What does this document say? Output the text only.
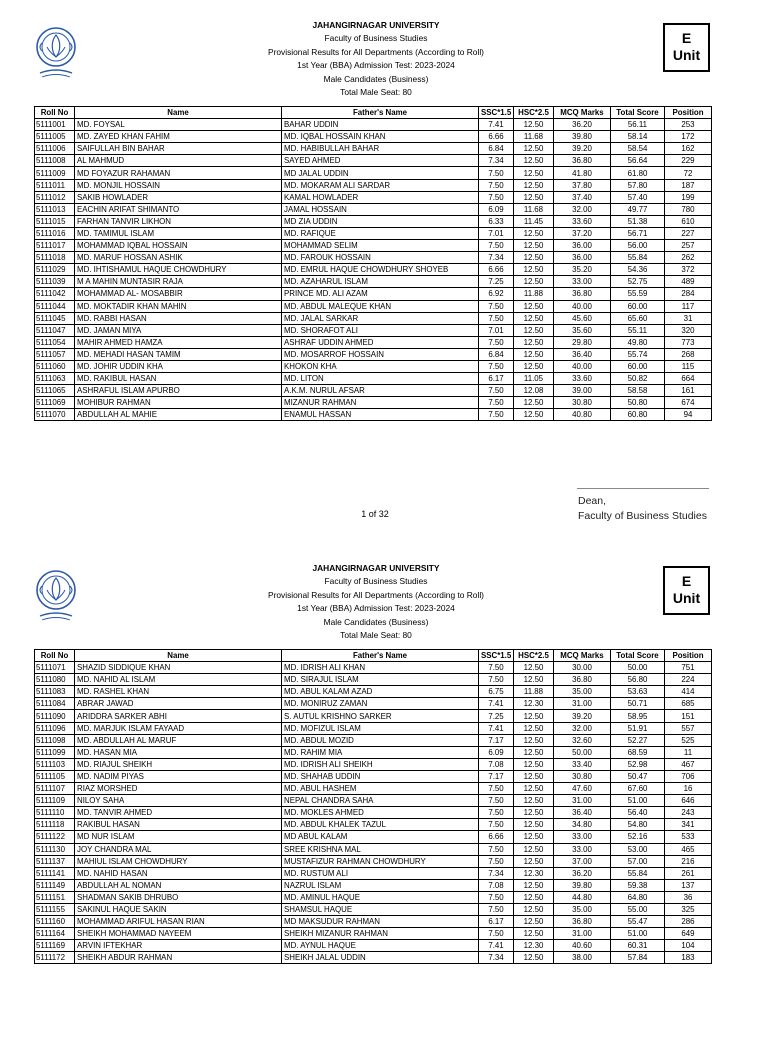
JAHANGIRNAGAR UNIVERSITY
Faculty of Business Studies
Provisional Results for All Departments (According to Roll)
1st Year (BBA) Admission Test: 2023-2024
Male Candidates (Business)
Total Male Seat: 80
E
Unit
Roll No	Name	Father's Name	SSC*1.5	HSC*2.5	MCQ Marks	Total Score	Position
5111001	MD. FOYSAL	BAHAR UDDIN	7.41	12.50	36.20	56.11	253
5111005	MD. ZAYED KHAN FAHIM	MD. IQBAL HOSSAIN KHAN	6.66	11.68	39.80	58.14	172
5111006	SAIFULLAH BIN BAHAR	MD. HABIBULLAH BAHAR	6.84	12.50	39.20	58.54	162
5111008	AL MAHMUD	SAYED AHMED	7.34	12.50	36.80	56.64	229
5111009	MD FOYAZUR RAHAMAN	MD JALAL UDDIN	7.50	12.50	41.80	61.80	72
5111011	MD. MONJIL HOSSAIN	MD. MOKARAM ALI SARDAR	7.50	12.50	37.80	57.80	187
5111012	SAKIB HOWLADER	KAMAL HOWLADER	7.50	12.50	37.40	57.40	199
5111013	EACHIN ARIFAT SHIMANTO	JAMAL HOSSAIN	6.09	11.68	32.00	49.77	780
5111015	FARHAN TANVIR LIKHON	MD ZIA UDDIN	6.33	11.45	33.60	51.38	610
5111016	MD. TAMIMUL ISLAM	MD. RAFIQUE	7.01	12.50	37.20	56.71	227
5111017	MOHAMMAD IQBAL HOSSAIN	MOHAMMAD SELIM	7.50	12.50	36.00	56.00	257
5111018	MD. MARUF HOSSAN ASHIK	MD. FAROUK HOSSAIN	7.34	12.50	36.00	55.84	262
5111029	MD. IHTISHAMUL HAQUE CHOWDHURY	MD. EMRUL HAQUE CHOWDHURY SHOYEB	6.66	12.50	35.20	54.36	372
5111039	M A MAHIN MUNTASIR RAJA	MD. AZAHARUL ISLAM	7.25	12.50	33.00	52.75	489
5111042	MOHAMMAD AL- MOSABBIR	PRINCE MD. ALI AZAM	6.92	11.88	36.80	55.59	284
5111044	MD. MOKTADIR KHAN MAHIN	MD. ABDUL MALEQUE KHAN	7.50	12.50	40.00	60.00	117
5111045	MD. RABBI HASAN	MD. JALAL SARKAR	7.50	12.50	45.60	65.60	31
5111047	MD. JAMAN MIYA	MD. SHORAFOT ALI	7.01	12.50	35.60	55.11	320
5111054	MAHIR AHMED HAMZA	ASHRAF UDDIN AHMED	7.50	12.50	29.80	49.80	773
5111057	MD. MEHADI HASAN TAMIM	MD. MOSARROF HOSSAIN	6.84	12.50	36.40	55.74	268
5111060	MD. JOHIR UDDIN KHA	KHOKON KHA	7.50	12.50	40.00	60.00	115
5111063	MD. RAKIBUL HASAN	MD. LITON	6.17	11.05	33.60	50.82	664
5111065	ASHRAFUL ISLAM APURBO	A.K.M. NURUL AFSAR	7.50	12.08	39.00	58.58	161
5111069	MOHIBUR RAHMAN	MIZANUR RAHMAN	7.50	12.50	30.80	50.80	674
5111070	ABDULLAH AL MAHIE	ENAMUL HASSAN	7.50	12.50	40.80	60.80	94
1 of 32
Dean,
Faculty of Business Studies
JAHANGIRNAGAR UNIVERSITY
Faculty of Business Studies
Provisional Results for All Departments (According to Roll)
1st Year (BBA) Admission Test: 2023-2024
Male Candidates (Business)
Total Male Seat: 80
E
Unit
Roll No	Name	Father's Name	SSC*1.5	HSC*2.5	MCQ Marks	Total Score	Position
5111071	SHAZID SIDDIQUE KHAN	MD. IDRISH ALI KHAN	7.50	12.50	30.00	50.00	751
5111080	MD. NAHID AL ISLAM	MD. SIRAJUL ISLAM	7.50	12.50	36.80	56.80	224
5111083	MD. RASHEL KHAN	MD. ABUL KALAM AZAD	6.75	11.88	35.00	53.63	414
5111084	ABRAR JAWAD	MD. MONIRUZ ZAMAN	7.41	12.30	31.00	50.71	685
5111090	ARIDDRA SARKER ABHI	S. AUTUL KRISHNO SARKER	7.25	12.50	39.20	58.95	151
5111096	MD. MARJUK ISLAM FAYAAD	MD. MOFIZUL ISLAM	7.41	12.50	32.00	51.91	557
5111098	MD. ABDULLAH AL MARUF	MD. ABDUL MOZID	7.17	12.50	32.60	52.27	525
5111099	MD. HASAN MIA	MD. RAHIM MIA	6.09	12.50	50.00	68.59	11
5111103	MD. RIAJUL SHEIKH	MD. IDRISH ALI SHEIKH	7.08	12.50	33.40	52.98	467
5111105	MD. NADIM PIYAS	MD. SHAHAB UDDIN	7.17	12.50	30.80	50.47	706
5111107	RIAZ MORSHED	MD. ABUL HASHEM	7.50	12.50	47.60	67.60	16
5111109	NILOY SAHA	NEPAL CHANDRA SAHA	7.50	12.50	31.00	51.00	646
5111110	MD. TANVIR AHMED	MD. MOKLES AHMED	7.50	12.50	36.40	56.40	243
5111118	RAKIBUL HASAN	MD. ABDUL KHALEK TAZUL	7.50	12.50	34.80	54.80	341
5111122	MD NUR ISLAM	MD ABUL KALAM	6.66	12.50	33.00	52.16	533
5111130	JOY CHANDRA MAL	SREE KRISHNA MAL	7.50	12.50	33.00	53.00	465
5111137	MAHIUL ISLAM CHOWDHURY	MUSTAFIZUR RAHMAN CHOWDHURY	7.50	12.50	37.00	57.00	216
5111141	MD. NAHID HASAN	MD. RUSTUM ALI	7.34	12.30	36.20	55.84	261
5111149	ABDULLAH AL NOMAN	NAZRUL ISLAM	7.08	12.50	39.80	59.38	137
5111151	SHADMAN SAKIB DHRUBO	MD. AMINUL HAQUE	7.50	12.50	44.80	64.80	36
5111155	SAKINUL HAQUE SAKIN	SHAMSUL HAQUE	7.50	12.50	35.00	55.00	325
5111160	MOHAMMAD ARIFUL HASAN RIAN	MD MAKSUDUR RAHMAN	6.17	12.50	36.80	55.47	286
5111164	SHEIKH MOHAMMAD NAYEEM	SHEIKH MIZANUR RAHMAN	7.50	12.50	31.00	51.00	649
5111169	ARVIN IFTEKHAR	MD. AYNUL HAQUE	7.41	12.30	40.60	60.31	104
5111172	SHEIKH ABDUR RAHMAN	SHEIKH JALAL UDDIN	7.34	12.50	38.00	57.84	183
